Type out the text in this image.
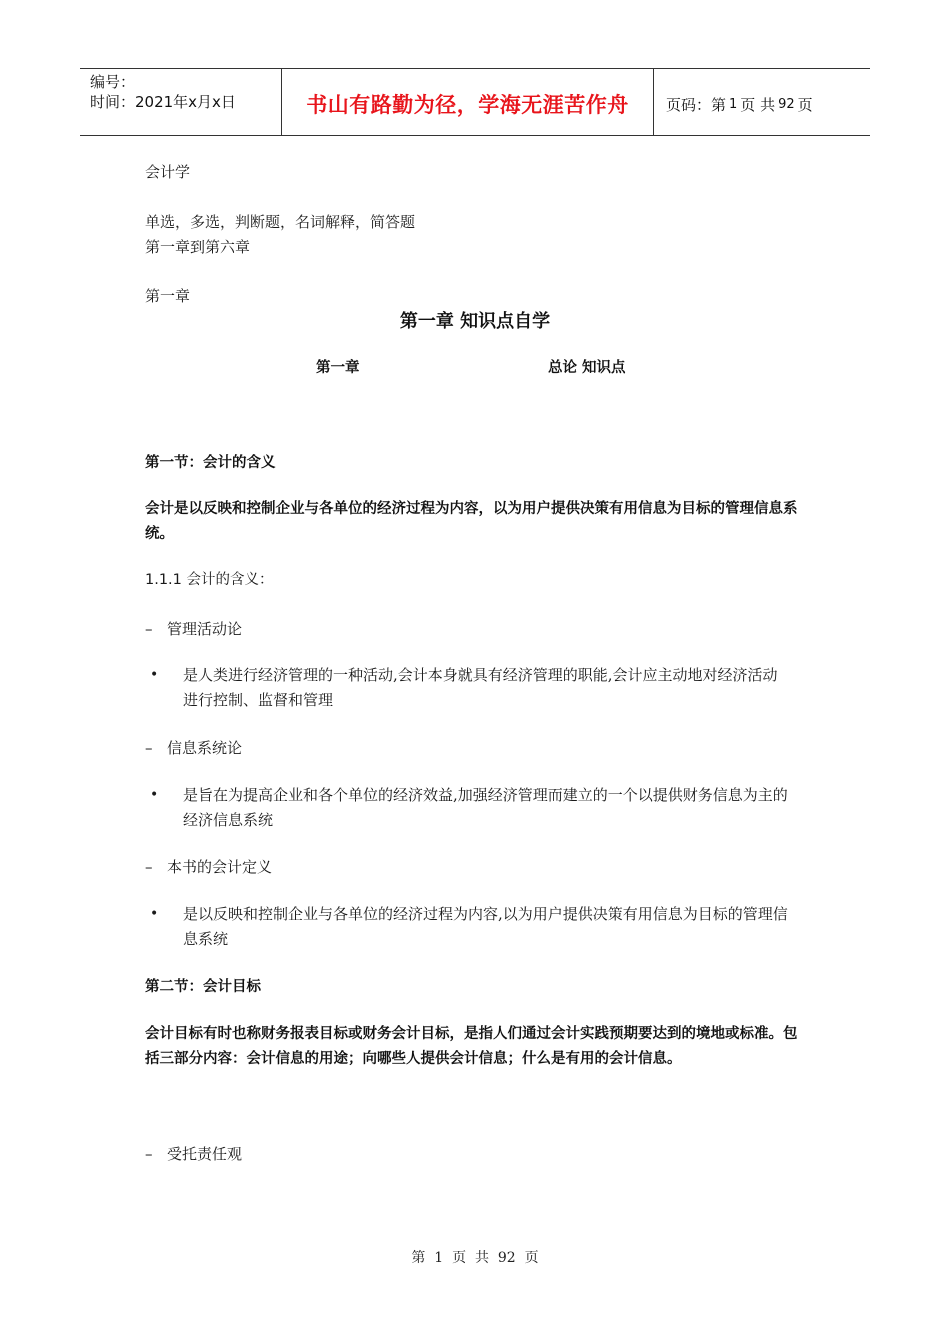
编号：
时间：2021年x月x日	书山有路勤为径，学海无涯苦作舟 页码：第 1 页 共 92 页
会计学
单选，多选，判断题，名词解释，简答题
第一章到第六章
第一章
第一章 知识点自学
第一章	总论 知识点
第一节：会计的含义
会计是以反映和控制企业与各单位的经济过程为内容，以为用户提供决策有用信息为目标的管理信息系统。
1.1.1 会计的含义：
– 管理活动论
•	是人类进行经济管理的一种活动,会计本身就具有经济管理的职能,会计应主动地对经济活动进行控制、监督和管理
– 信息系统论
•	是旨在为提高企业和各个单位的经济效益,加强经济管理而建立的一个以提供财务信息为主的经济信息系统
– 本书的会计定义
•	是以反映和控制企业与各单位的经济过程为内容,以为用户提供决策有用信息为目标的管理信息系统
第二节：会计目标
会计目标有时也称财务报表目标或财务会计目标，是指人们通过会计实践预期要达到的境地或标准。包括三部分内容：会计信息的用途；向哪些人提供会计信息；什么是有用的会计信息。
– 受托责任观
第  1  页  共  92  页
